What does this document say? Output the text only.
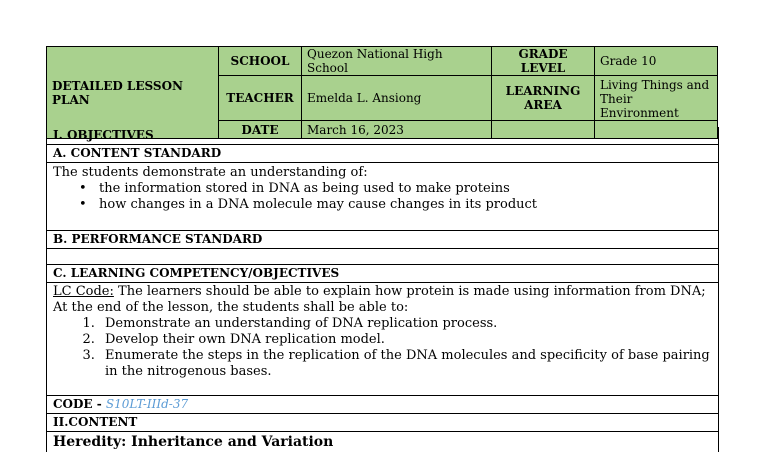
DETAILED LESSON PLAN	SCHOOL	Quezon National High School	GRADE LEVEL	Grade 10
	TEACHER	Emelda L. Ansiong	LEARNING AREA	Living Things and Their Environment
	DATE	March 16, 2023		
I. OBJECTIVES
A. CONTENT STANDARD
The students demonstrate an understanding of:
• the information stored in DNA as being used to make proteins
• how changes in a DNA molecule may cause changes in its product
B. PERFORMANCE STANDARD
C. LEARNING COMPETENCY/OBJECTIVES
LC Code: The learners should be able to explain how protein is made using information from DNA;
At the end of the lesson, the students shall be able to:
1. Demonstrate an understanding of DNA replication process.
2. Develop their own DNA replication model.
3. Enumerate the steps in the replication of the DNA molecules and specificity of base pairing in the nitrogenous bases.
CODE - S10LT-IIId-37
II.CONTENT
Heredity: Inheritance and Variation
